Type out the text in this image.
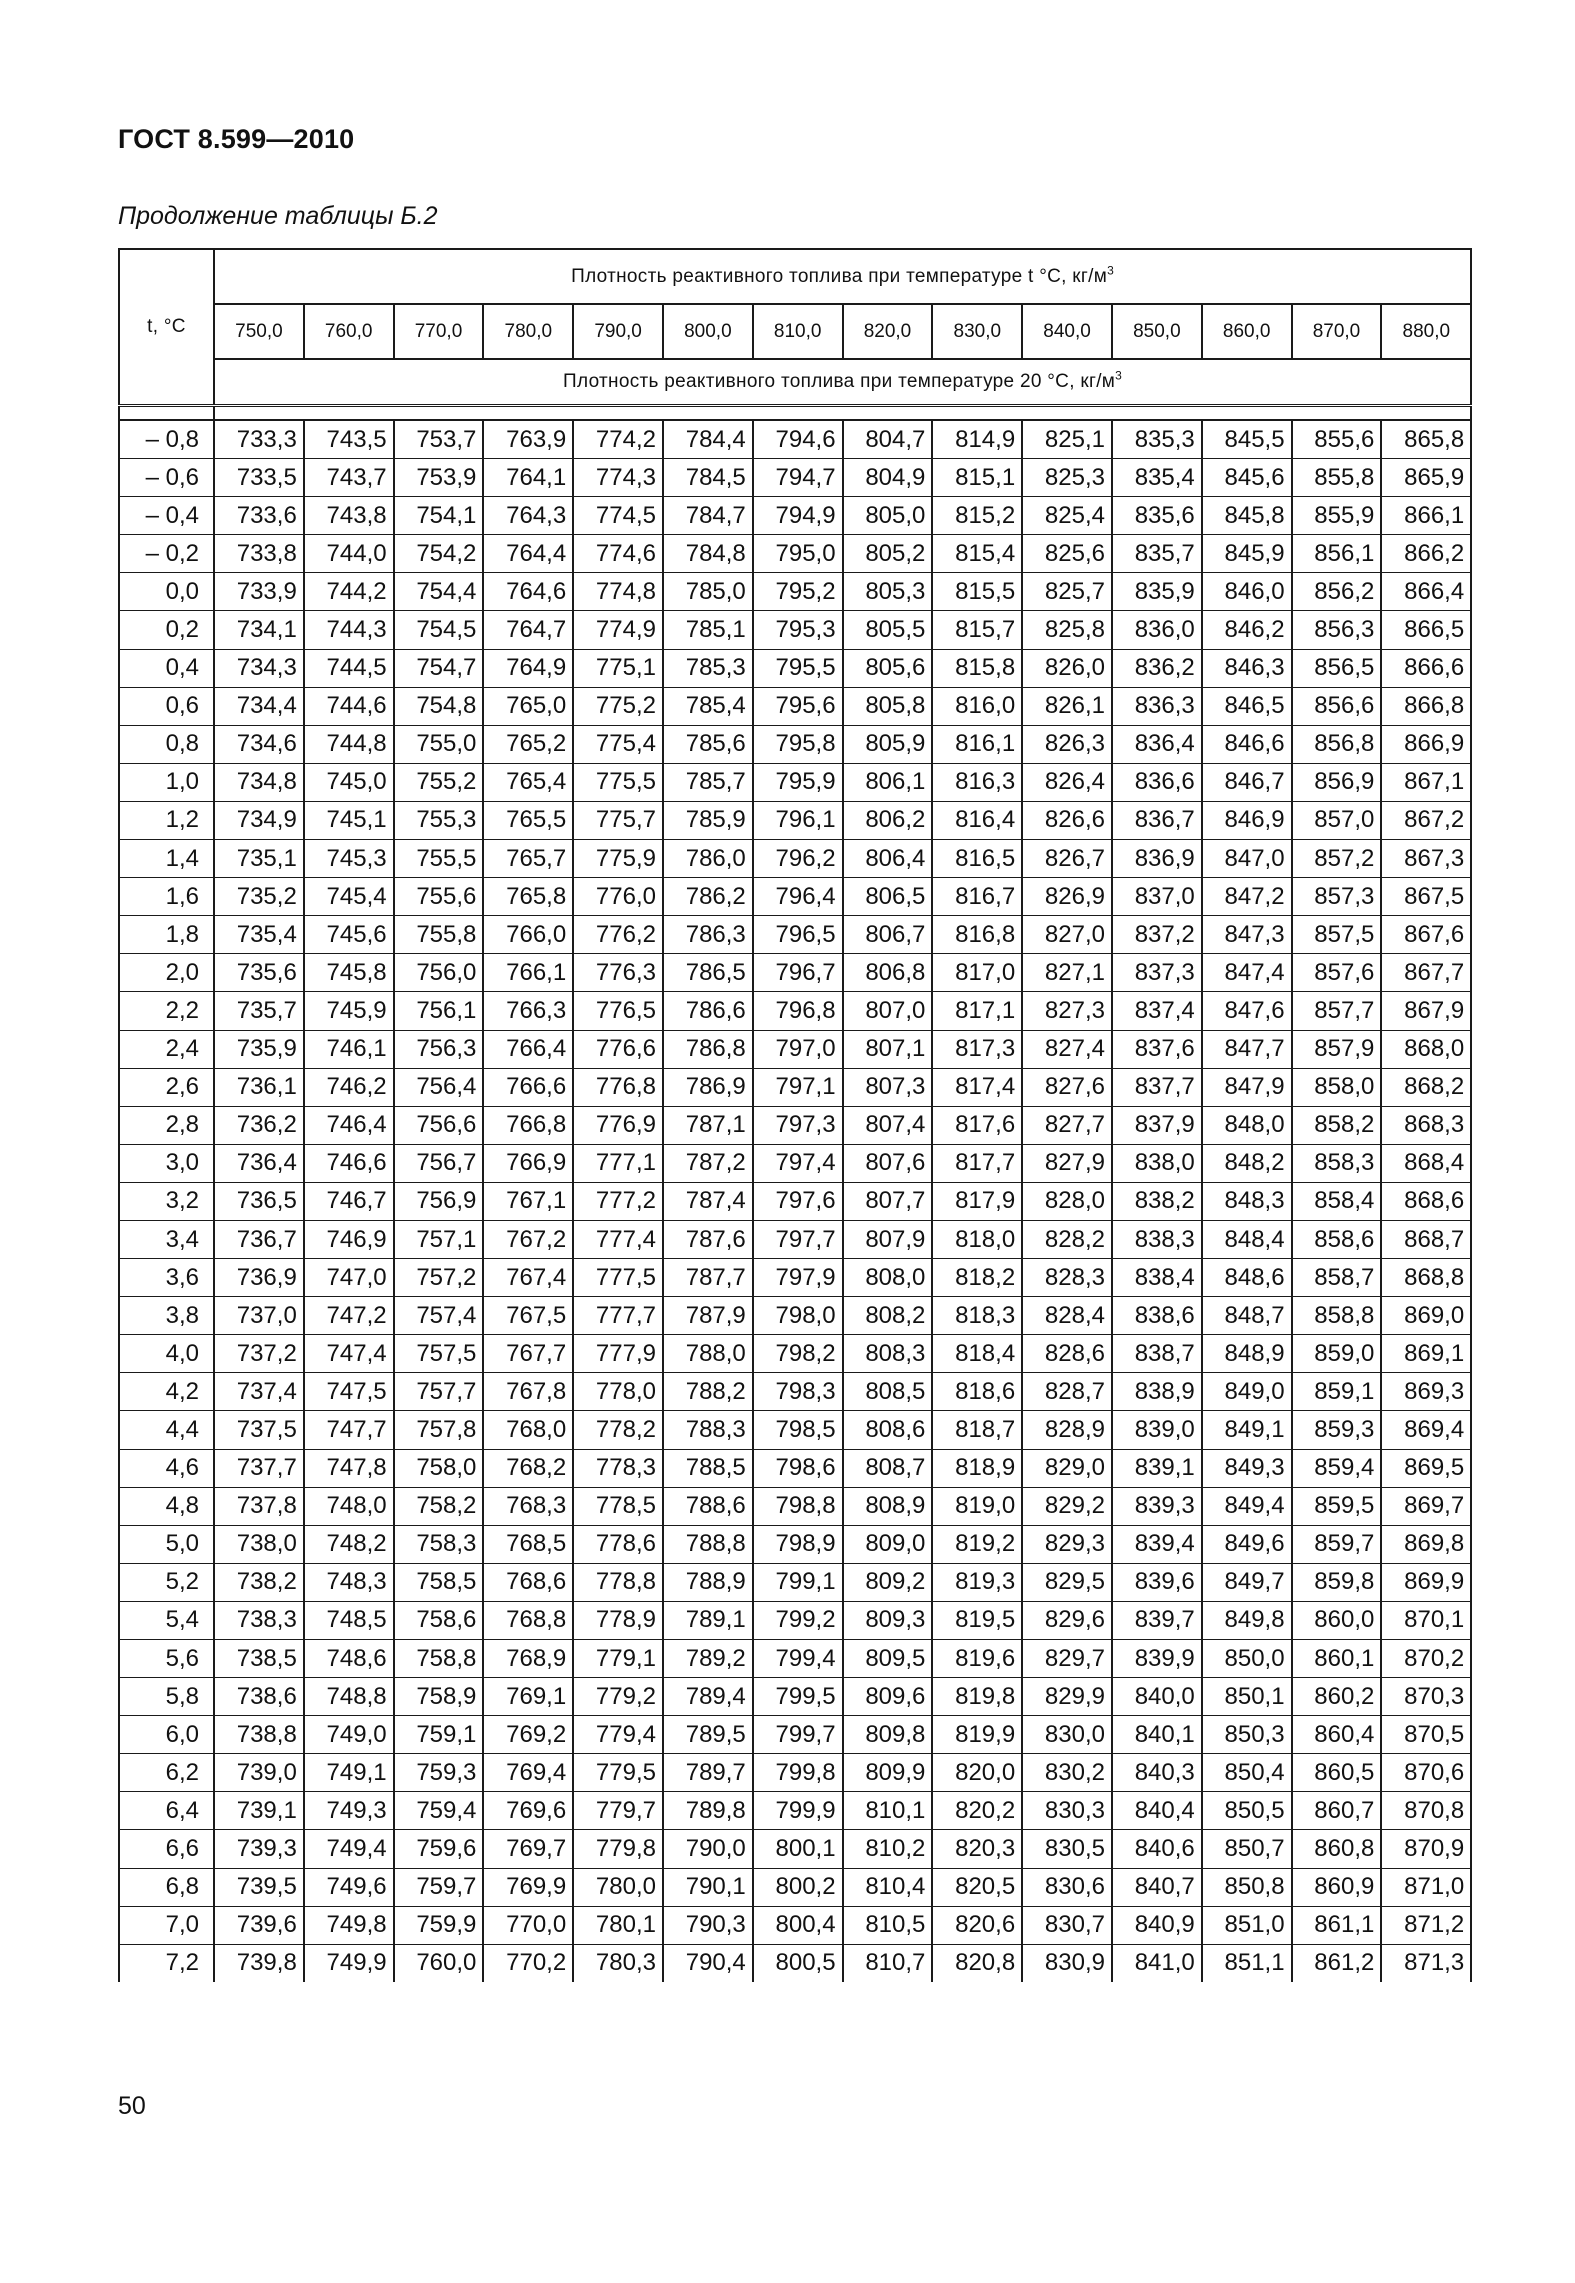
ГОСТ 8.599—2010
Продолжение таблицы Б.2
t, °C	Плотность реактивного топлива при температуре t °C, $кг/м^3$
	750,0	760,0	770,0	780,0	790,0	800,0	810,0	820,0	830,0	840,0	850,0	860,0	870,0	880,0
	Плотность реактивного топлива при температуре 20 °C, $кг/м^3$

– 0,8	733,3	743,5	753,7	763,9	774,2	784,4	794,6	804,7	814,9	825,1	835,3	845,5	855,6	865,8
– 0,6	733,5	743,7	753,9	764,1	774,3	784,5	794,7	804,9	815,1	825,3	835,4	845,6	855,8	865,9
– 0,4	733,6	743,8	754,1	764,3	774,5	784,7	794,9	805,0	815,2	825,4	835,6	845,8	855,9	866,1
– 0,2	733,8	744,0	754,2	764,4	774,6	784,8	795,0	805,2	815,4	825,6	835,7	845,9	856,1	866,2
0,0	733,9	744,2	754,4	764,6	774,8	785,0	795,2	805,3	815,5	825,7	835,9	846,0	856,2	866,4
0,2	734,1	744,3	754,5	764,7	774,9	785,1	795,3	805,5	815,7	825,8	836,0	846,2	856,3	866,5
0,4	734,3	744,5	754,7	764,9	775,1	785,3	795,5	805,6	815,8	826,0	836,2	846,3	856,5	866,6
0,6	734,4	744,6	754,8	765,0	775,2	785,4	795,6	805,8	816,0	826,1	836,3	846,5	856,6	866,8
0,8	734,6	744,8	755,0	765,2	775,4	785,6	795,8	805,9	816,1	826,3	836,4	846,6	856,8	866,9
1,0	734,8	745,0	755,2	765,4	775,5	785,7	795,9	806,1	816,3	826,4	836,6	846,7	856,9	867,1
1,2	734,9	745,1	755,3	765,5	775,7	785,9	796,1	806,2	816,4	826,6	836,7	846,9	857,0	867,2
1,4	735,1	745,3	755,5	765,7	775,9	786,0	796,2	806,4	816,5	826,7	836,9	847,0	857,2	867,3
1,6	735,2	745,4	755,6	765,8	776,0	786,2	796,4	806,5	816,7	826,9	837,0	847,2	857,3	867,5
1,8	735,4	745,6	755,8	766,0	776,2	786,3	796,5	806,7	816,8	827,0	837,2	847,3	857,5	867,6
2,0	735,6	745,8	756,0	766,1	776,3	786,5	796,7	806,8	817,0	827,1	837,3	847,4	857,6	867,7
2,2	735,7	745,9	756,1	766,3	776,5	786,6	796,8	807,0	817,1	827,3	837,4	847,6	857,7	867,9
2,4	735,9	746,1	756,3	766,4	776,6	786,8	797,0	807,1	817,3	827,4	837,6	847,7	857,9	868,0
2,6	736,1	746,2	756,4	766,6	776,8	786,9	797,1	807,3	817,4	827,6	837,7	847,9	858,0	868,2
2,8	736,2	746,4	756,6	766,8	776,9	787,1	797,3	807,4	817,6	827,7	837,9	848,0	858,2	868,3
3,0	736,4	746,6	756,7	766,9	777,1	787,2	797,4	807,6	817,7	827,9	838,0	848,2	858,3	868,4
3,2	736,5	746,7	756,9	767,1	777,2	787,4	797,6	807,7	817,9	828,0	838,2	848,3	858,4	868,6
3,4	736,7	746,9	757,1	767,2	777,4	787,6	797,7	807,9	818,0	828,2	838,3	848,4	858,6	868,7
3,6	736,9	747,0	757,2	767,4	777,5	787,7	797,9	808,0	818,2	828,3	838,4	848,6	858,7	868,8
3,8	737,0	747,2	757,4	767,5	777,7	787,9	798,0	808,2	818,3	828,4	838,6	848,7	858,8	869,0
4,0	737,2	747,4	757,5	767,7	777,9	788,0	798,2	808,3	818,4	828,6	838,7	848,9	859,0	869,1
4,2	737,4	747,5	757,7	767,8	778,0	788,2	798,3	808,5	818,6	828,7	838,9	849,0	859,1	869,3
4,4	737,5	747,7	757,8	768,0	778,2	788,3	798,5	808,6	818,7	828,9	839,0	849,1	859,3	869,4
4,6	737,7	747,8	758,0	768,2	778,3	788,5	798,6	808,7	818,9	829,0	839,1	849,3	859,4	869,5
4,8	737,8	748,0	758,2	768,3	778,5	788,6	798,8	808,9	819,0	829,2	839,3	849,4	859,5	869,7
5,0	738,0	748,2	758,3	768,5	778,6	788,8	798,9	809,0	819,2	829,3	839,4	849,6	859,7	869,8
5,2	738,2	748,3	758,5	768,6	778,8	788,9	799,1	809,2	819,3	829,5	839,6	849,7	859,8	869,9
5,4	738,3	748,5	758,6	768,8	778,9	789,1	799,2	809,3	819,5	829,6	839,7	849,8	860,0	870,1
5,6	738,5	748,6	758,8	768,9	779,1	789,2	799,4	809,5	819,6	829,7	839,9	850,0	860,1	870,2
5,8	738,6	748,8	758,9	769,1	779,2	789,4	799,5	809,6	819,8	829,9	840,0	850,1	860,2	870,3
6,0	738,8	749,0	759,1	769,2	779,4	789,5	799,7	809,8	819,9	830,0	840,1	850,3	860,4	870,5
6,2	739,0	749,1	759,3	769,4	779,5	789,7	799,8	809,9	820,0	830,2	840,3	850,4	860,5	870,6
6,4	739,1	749,3	759,4	769,6	779,7	789,8	799,9	810,1	820,2	830,3	840,4	850,5	860,7	870,8
6,6	739,3	749,4	759,6	769,7	779,8	790,0	800,1	810,2	820,3	830,5	840,6	850,7	860,8	870,9
6,8	739,5	749,6	759,7	769,9	780,0	790,1	800,2	810,4	820,5	830,6	840,7	850,8	860,9	871,0
7,0	739,6	749,8	759,9	770,0	780,1	790,3	800,4	810,5	820,6	830,7	840,9	851,0	861,1	871,2
7,2	739,8	749,9	760,0	770,2	780,3	790,4	800,5	810,7	820,8	830,9	841,0	851,1	861,2	871,3
50
